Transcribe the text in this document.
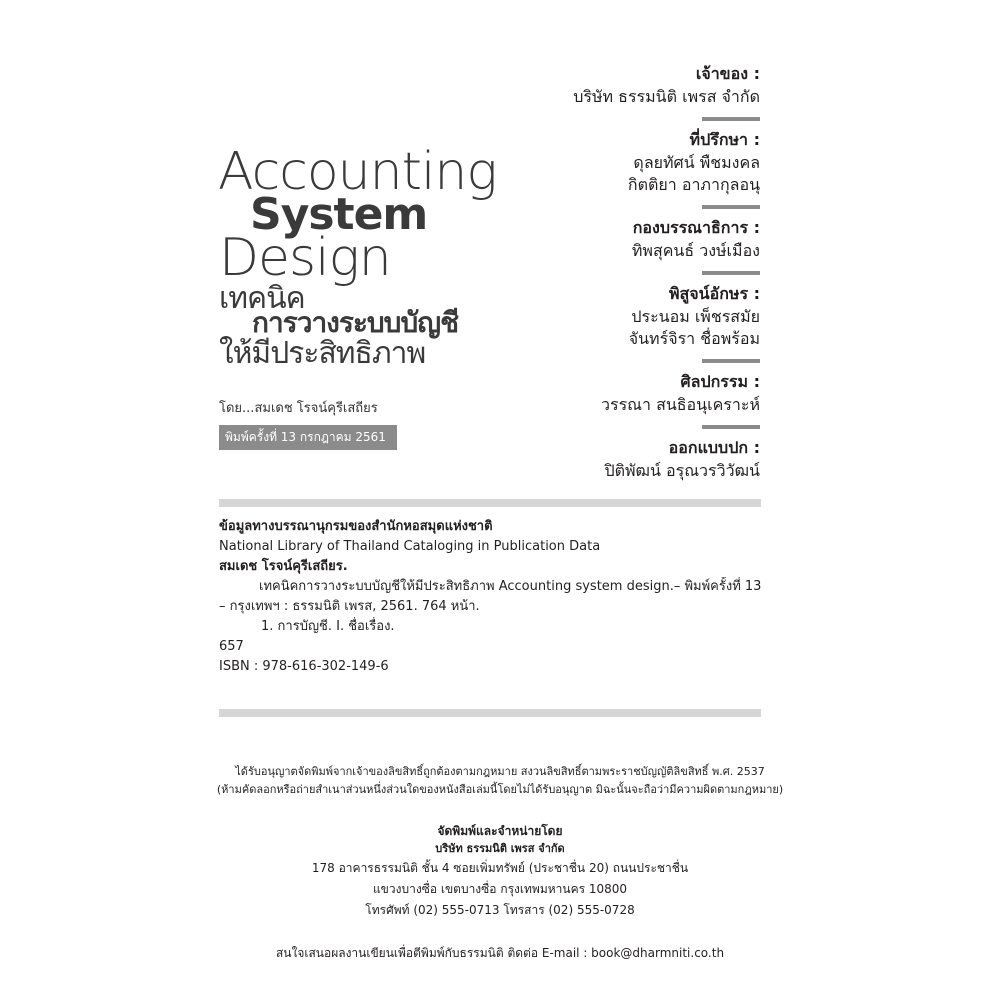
Accounting
System
Design
เทคนิค
การวางระบบบัญชี
ให้มีประสิทธิภาพ
โดย...สมเดช โรจน์คุรีเสถียร
พิมพ์ครั้งที่ 13 กรกฎาคม 2561
เจ้าของ :
บริษัท ธรรมนิติ เพรส จำกัด
ที่ปรึกษา :
ดุลยทัศน์ พืชมงคล
กิตติยา อาภากุลอนุ
กองบรรณาธิการ :
ทิพสุคนธ์ วงษ์เมือง
พิสูจน์อักษร :
ประนอม เพ็ชรสมัย
จันทร์จิรา ชื่อพร้อม
ศิลปกรรม :
วรรณา สนธิอนุเคราะห์
ออกแบบปก :
ปิติพัฒน์ อรุณวรวิวัฒน์
ข้อมูลทางบรรณานุกรมของสำนักหอสมุดแห่งชาติ
National Library of Thailand Cataloging in Publication Data
สมเดช โรจน์คุรีเสถียร.
เทคนิคการวางระบบบัญชีให้มีประสิทธิภาพ Accounting system design.– พิมพ์ครั้งที่ 13
– กรุงเทพฯ : ธรรมนิติ เพรส, 2561. 764 หน้า.
1. การบัญชี. I. ชื่อเรื่อง.
657
ISBN : 978-616-302-149-6
ได้รับอนุญาตจัดพิมพ์จากเจ้าของลิขสิทธิ์ถูกต้องตามกฎหมาย สงวนลิขสิทธิ์ตามพระราชบัญญัติลิขสิทธิ์ พ.ศ. 2537
(ห้ามคัดลอกหรือถ่ายสำเนาส่วนหนึ่งส่วนใดของหนังสือเล่มนี้โดยไม่ได้รับอนุญาต มิฉะนั้นจะถือว่ามีความผิดตามกฎหมาย)
จัดพิมพ์และจำหน่ายโดย
บริษัท ธรรมนิติ เพรส จำกัด
178 อาคารธรรมนิติ ชั้น 4 ซอยเพิ่มทรัพย์ (ประชาชื่น 20) ถนนประชาชื่น
แขวงบางซื่อ เขตบางซื่อ กรุงเทพมหานคร 10800
โทรศัพท์ (02) 555-0713 โทรสาร (02) 555-0728
สนใจเสนอผลงานเขียนเพื่อตีพิมพ์กับธรรมนิติ ติดต่อ E-mail : book@dharmniti.co.th
